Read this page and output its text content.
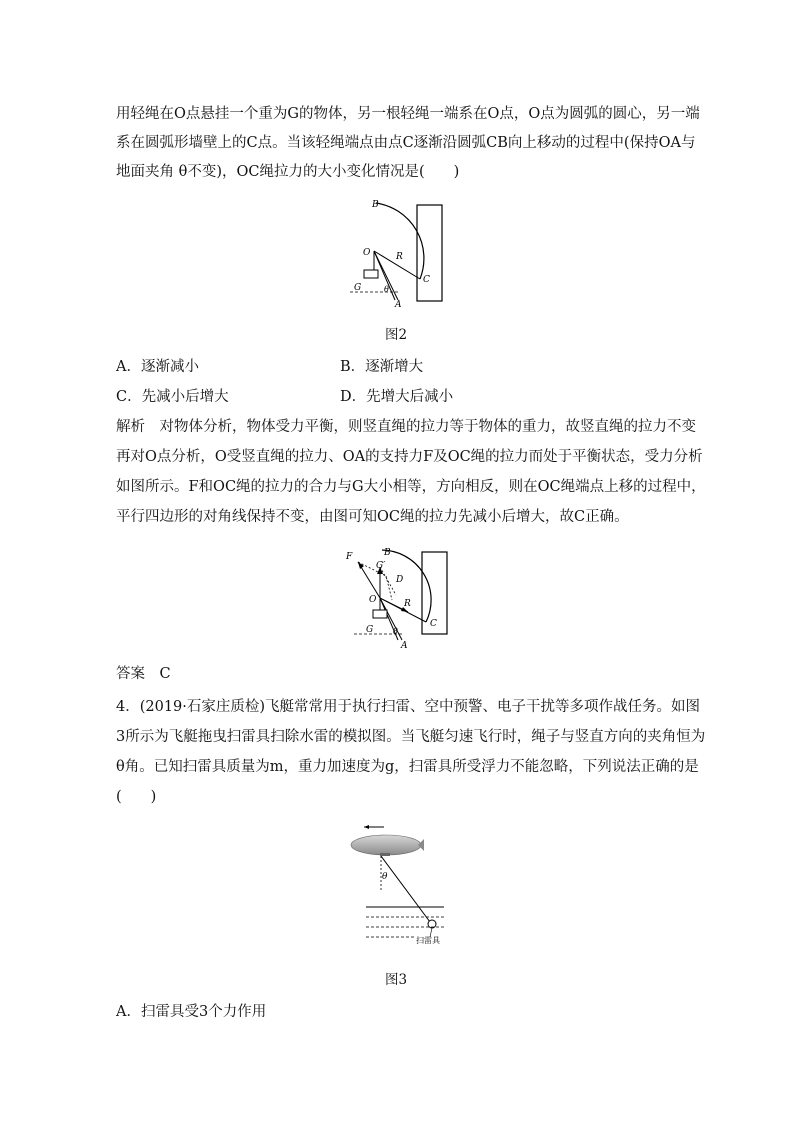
用轻绳在O点悬挂一个重为G的物体，另一根轻绳一端系在O点，O点为圆弧的圆心，另一端
系在圆弧形墙壁上的C点。当该轻绳端点由点C逐渐沿圆弧CB向上移动的过程中(保持OA与
地面夹角 θ不变)，OC绳拉力的大小变化情况是(　　)
B
O	R
G
C
θ
A
图2
A．逐渐减小	B．逐渐增大
C．先减小后增大	D．先增大后减小
解析　对物体分析，物体受力平衡，则竖直绳的拉力等于物体的重力，故竖直绳的拉力不变
再对O点分析，O受竖直绳的拉力、OA的支持力F及OC绳的拉力而处于平衡状态，受力分析
如图所示。F和OC绳的拉力的合力与G大小相等，方向相反，则在OC绳端点上移的过程中，
平行四边形的对角线保持不变，由图可知OC绳的拉力先减小后增大，故C正确。
F	B
G′
D
O	R
G
C
θ
A
答案　C
4．(2019·石家庄质检)飞艇常常用于执行扫雷、空中预警、电子干扰等多项作战任务。如图
3所示为飞艇拖曳扫雷具扫除水雷的模拟图。当飞艇匀速飞行时，绳子与竖直方向的夹角恒为
θ角。已知扫雷具质量为m，重力加速度为g，扫雷具所受浮力不能忽略，下列说法正确的是
(　　)
θ
扫雷具
图3
A．扫雷具受3个力作用
